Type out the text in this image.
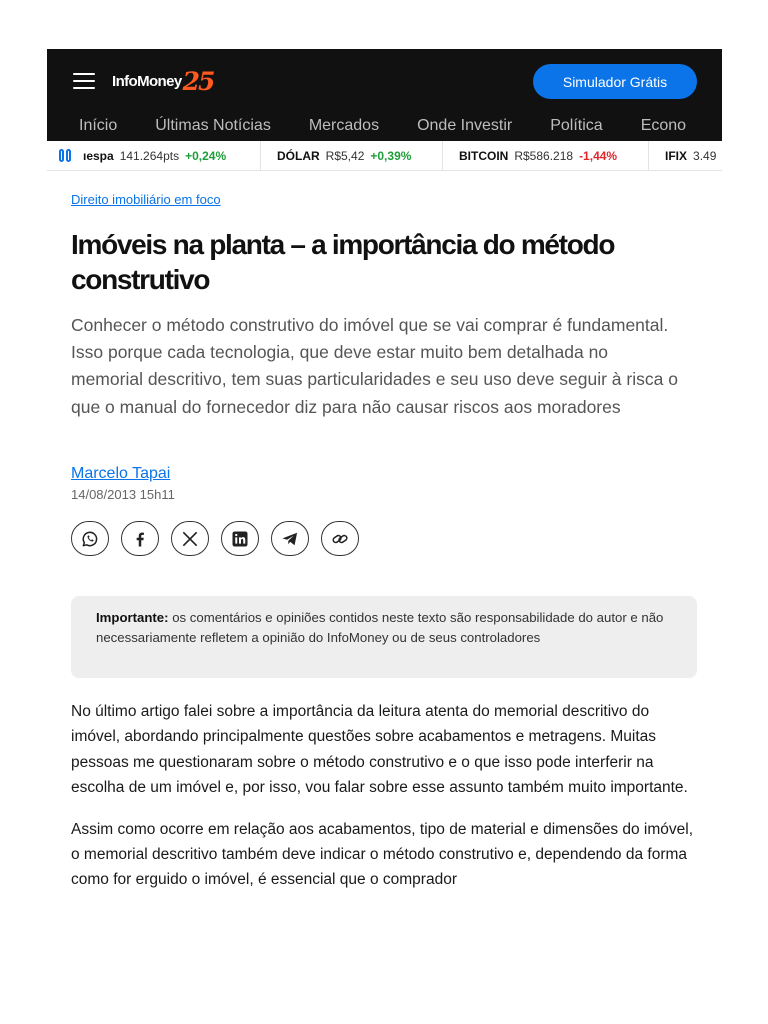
InfoMoney 25	Simulador Grátis
Início Últimas Notícias Mercados Onde Investir Política Econo
ıespa 141.264pts +0,24%	DÓLAR R$5,42 +0,39%	BITCOIN R$586.218 -1,44%	IFIX 3.49
Direito imobiliário em foco
Imóveis na planta – a importância do método construtivo

Conhecer o método construtivo do imóvel que se vai comprar é fundamental. Isso porque cada tecnologia, que deve estar muito bem detalhada no memorial descritivo, tem suas particularidades e seu uso deve seguir à risca o que o manual do fornecedor diz para não causar riscos aos moradores

Marcelo Tapai
14/08/2013 15h11
Importante: os comentários e opiniões contidos neste texto são responsabilidade do autor e não necessariamente refletem a opinião do InfoMoney ou de seus controladores

No último artigo falei sobre a importância da leitura atenta do memorial descritivo do imóvel, abordando principalmente questões sobre acabamentos e metragens. Muitas pessoas me questionaram sobre o método construtivo e o que isso pode interferir na escolha de um imóvel e, por isso, vou falar sobre esse assunto também muito importante.

Assim como ocorre em relação aos acabamentos, tipo de material e dimensões do imóvel, o memorial descritivo também deve indicar o método construtivo e, dependendo da forma como for erguido o imóvel, é essencial que o comprador
